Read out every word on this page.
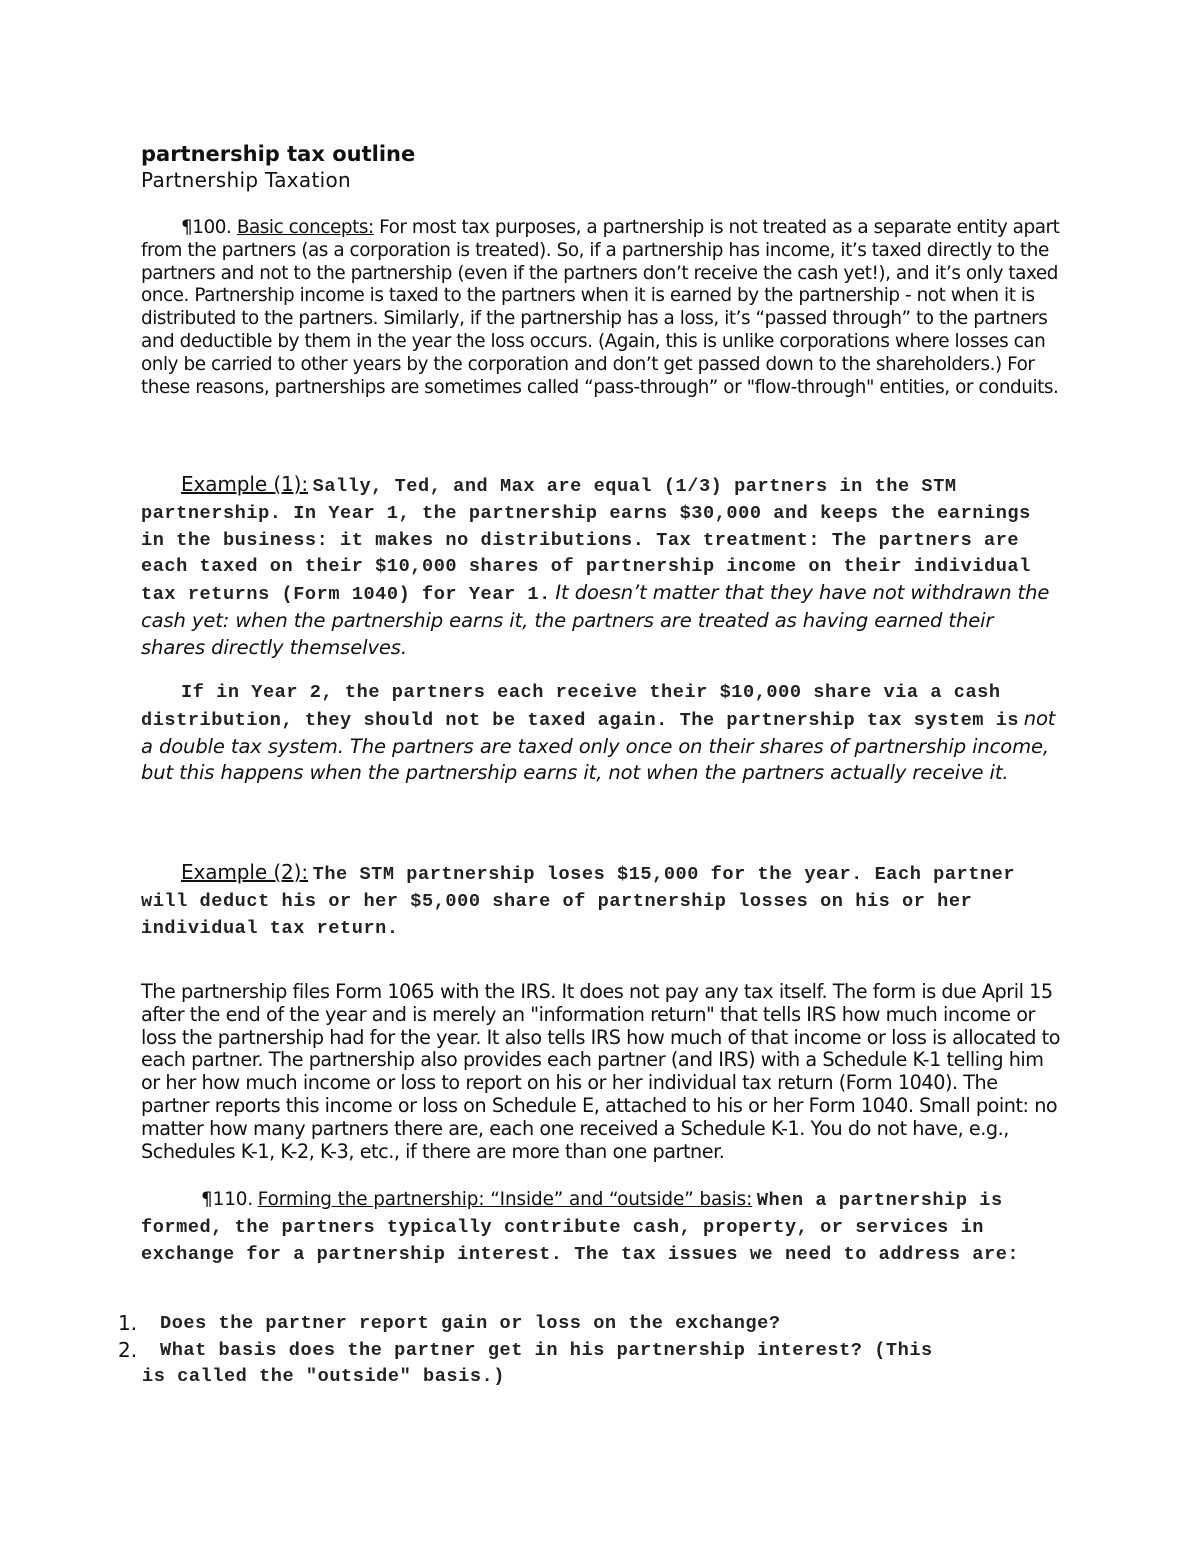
partnership tax outline
Partnership Taxation

¶100. Basic concepts: For most tax purposes, a partnership is not treated as a separate entity apart from the partners (as a corporation is treated). So, if a partnership has income, it’s taxed directly to the partners and not to the partnership (even if the partners don’t receive the cash yet!), and it’s only taxed once. Partnership income is taxed to the partners when it is earned by the partnership - not when it is distributed to the partners. Similarly, if the partnership has a loss, it’s “passed through” to the partners and deductible by them in the year the loss occurs. (Again, this is unlike corporations where losses can only be carried to other years by the corporation and don’t get passed down to the shareholders.) For these reasons, partnerships are sometimes called “pass-through” or "flow-through" entities, or conduits.

Example (1): Sally, Ted, and Max are equal (1/3) partners in the STM partnership. In Year 1, the partnership earns $30,000 and keeps the earnings in the business: it makes no distributions. Tax treatment: The partners are each taxed on their $10,000 shares of partnership income on their individual tax returns (Form 1040) for Year 1. It doesn’t matter that they have not withdrawn the cash yet: when the partnership earns it, the partners are treated as having earned their shares directly themselves.

If in Year 2, the partners each receive their $10,000 share via a cash distribution, they should not be taxed again. The partnership tax system is not a double tax system. The partners are taxed only once on their shares of partnership income, but this happens when the partnership earns it, not when the partners actually receive it.

Example (2): The STM partnership loses $15,000 for the year. Each partner will deduct his or her $5,000 share of partnership losses on his or her individual tax return.

The partnership files Form 1065 with the IRS. It does not pay any tax itself. The form is due April 15 after the end of the year and is merely an "information return" that tells IRS how much income or loss the partnership had for the year. It also tells IRS how much of that income or loss is allocated to each partner. The partnership also provides each partner (and IRS) with a Schedule K-1 telling him or her how much income or loss to report on his or her individual tax return (Form 1040). The partner reports this income or loss on Schedule E, attached to his or her Form 1040. Small point: no matter how many partners there are, each one received a Schedule K-1. You do not have, e.g., Schedules K-1, K-2, K-3, etc., if there are more than one partner.

¶110. Forming the partnership: “Inside” and “outside” basis: When a partnership is formed, the partners typically contribute cash, property, or services in exchange for a partnership interest. The tax issues we need to address are:

1.	Does the partner report gain or loss on the exchange?

2.	What basis does the partner get in his partnership interest? (This
is called the "outside" basis.)
